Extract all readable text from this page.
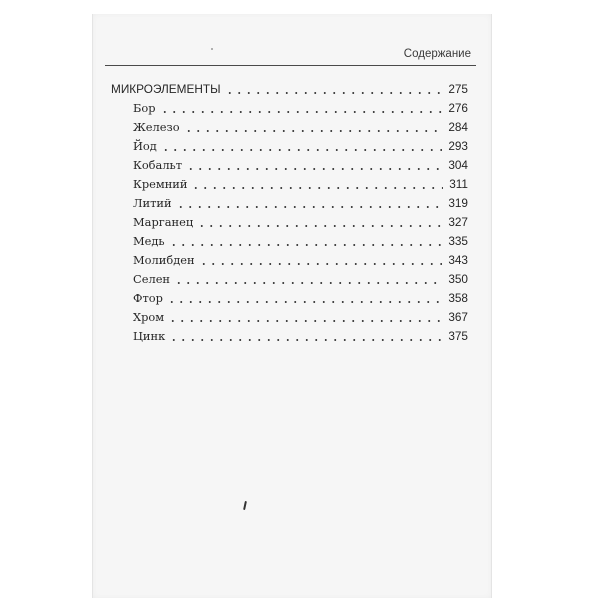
Содержание
МИКРОЭЛЕМЕНТЫ	275
Бор	276
Железо	284
Йод	293
Кобальт	304
Кремний	311
Литий	319
Марганец	327
Медь	335
Молибден	343
Селен	350
Фтор	358
Хром	367
Цинк	375
